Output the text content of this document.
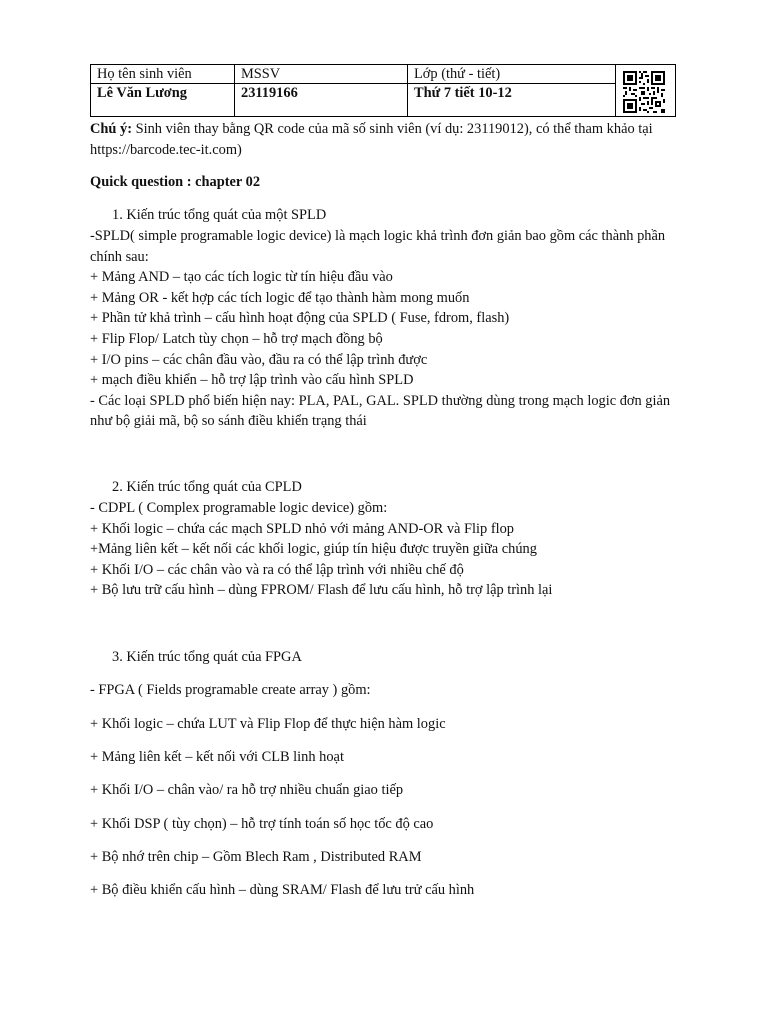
Họ tên sinh viên	MSSV	Lớp (thứ - tiết)
Lê Văn Lương	23119166	Thứ 7 tiết 10-12
Chú ý: Sinh viên thay bằng QR code của mã số sinh viên (ví dụ: 23119012), có thể tham khảo tại https://barcode.tec-it.com)
Quick question : chapter 02
1. Kiến trúc tổng quát của một SPLD
-SPLD( simple programable logic device) là mạch logic khả trình đơn giản bao gồm các thành phần chính sau:
+ Mảng AND – tạo các tích logic từ tín hiệu đầu vào
+ Mảng OR - kết hợp các tích logic để tạo thành hàm mong muốn
+ Phần tử khả trình – cấu hình hoạt động của SPLD ( Fuse, fdrom, flash)
+ Flip Flop/ Latch tùy chọn – hỗ trợ mạch đồng bộ
+ I/O pins – các chân đầu vào, đầu ra có thể lập trình được
+ mạch điều khiển – hỗ trợ lập trình vào cấu hình SPLD
- Các loại SPLD phổ biến hiện nay: PLA, PAL, GAL. SPLD thường dùng trong mạch logic đơn giản như bộ giải mã, bộ so sánh điều khiển trạng thái
2. Kiến trúc tổng quát của CPLD
- CDPL ( Complex programable logic device) gồm:
+ Khối logic – chứa các mạch SPLD nhỏ với mảng AND-OR và Flip flop
+Mảng liên kết – kết nối các khối logic, giúp tín hiệu được truyền giữa chúng
+ Khối I/O – các chân vào và ra có thể lập trình với nhiều chế độ
+ Bộ lưu trữ cấu hình – dùng FPROM/ Flash để lưu cấu hình, hỗ trợ lập trình lại
3. Kiến trúc tổng quát của FPGA
- FPGA ( Fields programable create array ) gồm:
+ Khối logic – chứa LUT và Flip Flop để thực hiện hàm logic
+ Mảng liên kết – kết nối với CLB linh hoạt
+ Khối I/O – chân vào/ ra hỗ trợ nhiều chuẩn giao tiếp
+ Khối DSP ( tùy chọn) – hỗ trợ tính toán số học tốc độ cao
+ Bộ nhớ trên chip – Gồm Blech Ram , Distributed RAM
+ Bộ điều khiển cấu hình – dùng SRAM/ Flash để lưu trử cấu hình
